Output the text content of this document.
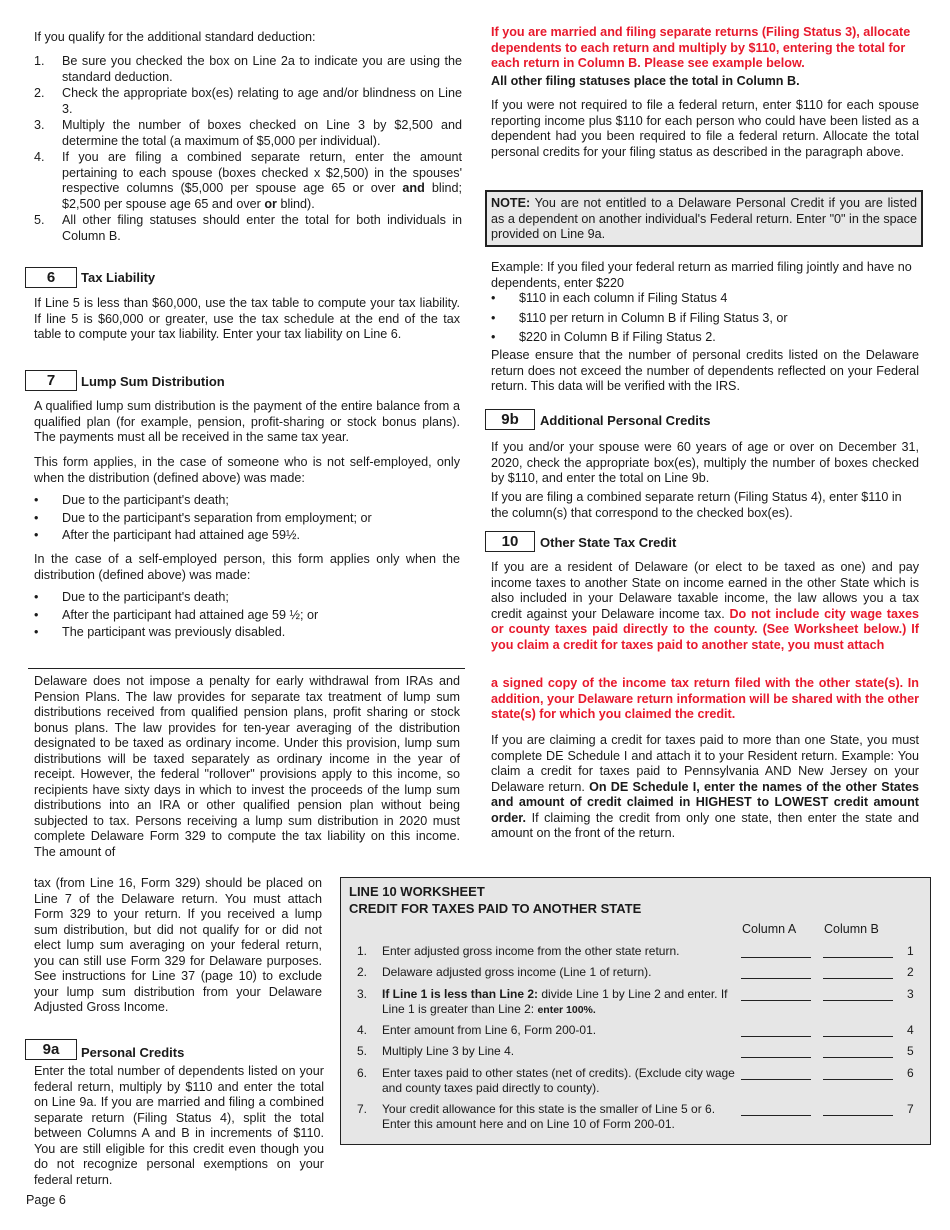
If you qualify for the additional standard deduction:

1. Be sure you checked the box on Line 2a to indicate you are using the standard deduction.
2. Check the appropriate box(es) relating to age and/or blindness on Line 3.
3. Multiply the number of boxes checked on Line 3 by $2,500 and determine the total (a maximum of $5,000 per individual).
4. If you are filing a combined separate return, enter the amount pertaining to each spouse (boxes checked x $2,500) in the spouses' respective columns ($5,000 per spouse age 65 or over and blind; $2,500 per spouse age 65 and over or blind).
5. All other filing statuses should enter the total for both individuals in Column B.
6	Tax Liability

If Line 5 is less than $60,000, use the tax table to compute your tax liability. If line 5 is $60,000 or greater, use the tax schedule at the end of the tax table to compute your tax liability. Enter your tax liability on Line 6.

7	Lump Sum Distribution

A qualified lump sum distribution is the payment of the entire balance from a qualified plan (for example, pension, profit-sharing or stock bonus plans). The payments must all be received in the same tax year.

This form applies, in the case of someone who is not self-employed, only when the distribution (defined above) was made:

• Due to the participant's death;
• Due to the participant's separation from employment; or
• After the participant had attained age 59½.

In the case of a self-employed person, this form applies only when the distribution (defined above) was made:

• Due to the participant's death;
• After the participant had attained age 59 ½; or
• The participant was previously disabled.

Delaware does not impose a penalty for early withdrawal from IRAs and Pension Plans. The law provides for separate tax treatment of lump sum distributions received from qualified pension plans, profit sharing or stock bonus plans. The law provides for ten-year averaging of the distribution designated to be taxed as ordinary income. Under this provision, lump sum distributions will be taxed separately as ordinary income in the year of receipt. However, the federal "rollover" provisions apply to this income, so recipients have sixty days in which to invest the proceeds of the lump sum distributions into an IRA or other qualified pension plan without being subjected to tax. Persons receiving a lump sum distribution in 2020 must complete Delaware Form 329 to compute the tax liability on this income. The amount of

tax (from Line 16, Form 329) should be placed on Line 7 of the Delaware return. You must attach Form 329 to your return. If you received a lump sum distribution, but did not qualify for or did not elect lump sum averaging on your federal return, you can still use Form 329 for Delaware purposes. See instructions for Line 37 (page 10) to exclude your lump sum distribution from your Delaware Adjusted Gross Income.

9a	Personal Credits

Enter the total number of dependents listed on your federal return, multiply by $110 and enter the total on Line 9a. If you are married and filing a combined separate return (Filing Status 4), split the total between Columns A and B in increments of $110. You are still eligible for this credit even though you do not recognize personal exemptions on your federal return.

Page 6

If you are married and filing separate returns (Filing Status 3), allocate dependents to each return and multiply by $110, entering the total for each return in Column B. Please see example below.

All other filing statuses place the total in Column B.

If you were not required to file a federal return, enter $110 for each spouse reporting income plus $110 for each person who could have been listed as a dependent had you been required to file a federal return. Allocate the total personal credits for your filing status as described in the paragraph above.

NOTE: You are not entitled to a Delaware Personal Credit if you are listed as a dependent on another individual's Federal return. Enter "0" in the space provided on Line 9a.

Example: If you filed your federal return as married filing jointly and have no dependents, enter $220

• $110 in each column if Filing Status 4
• $110 per return in Column B if Filing Status 3, or
• $220 in Column B if Filing Status 2.

Please ensure that the number of personal credits listed on the Delaware return does not exceed the number of dependents reflected on your Federal return. This data will be verified with the IRS.

9b	Additional Personal Credits

If you and/or your spouse were 60 years of age or over on December 31, 2020, check the appropriate box(es), multiply the number of boxes checked by $110, and enter the total on Line 9b.

If you are filing a combined separate return (Filing Status 4), enter $110 in the column(s) that correspond to the checked box(es).

10	Other State Tax Credit

If you are a resident of Delaware (or elect to be taxed as one) and pay income taxes to another State on income earned in the other State which is also included in your Delaware taxable income, the law allows you a tax credit against your Delaware income tax. Do not include city wage taxes or county taxes paid directly to the county. (See Worksheet below.) If you claim a credit for taxes paid to another state, you must attach

a signed copy of the income tax return filed with the other state(s). In addition, your Delaware return information will be shared with the other state(s) for which you claimed the credit.

If you are claiming a credit for taxes paid to more than one State, you must complete DE Schedule I and attach it to your Resident return. Example: You claim a credit for taxes paid to Pennsylvania AND New Jersey on your Delaware return. On DE Schedule I, enter the names of the other States and amount of credit claimed in HIGHEST to LOWEST credit amount order. If claiming the credit from only one state, then enter the state and amount on the front of the return.

LINE 10 WORKSHEET
CREDIT FOR TAXES PAID TO ANOTHER STATE
Column A Column B
1. Enter adjusted gross income from the other state return.	1
2. Delaware adjusted gross income (Line 1 of return).	2
3. If Line 1 is less than Line 2: divide Line 1 by Line 2 and enter. If Line 1 is greater than Line 2: enter 100%.
3
4. Enter amount from Line 6, Form 200-01.	4
5. Multiply Line 3 by Line 4.	5
6. Enter taxes paid to other states (net of credits). (Exclude city wage and county taxes paid directly to county).
6
7. Your credit allowance for this state is the smaller of Line 5 or 6. Enter this amount here and on Line 10 of Form 200-01.
7
